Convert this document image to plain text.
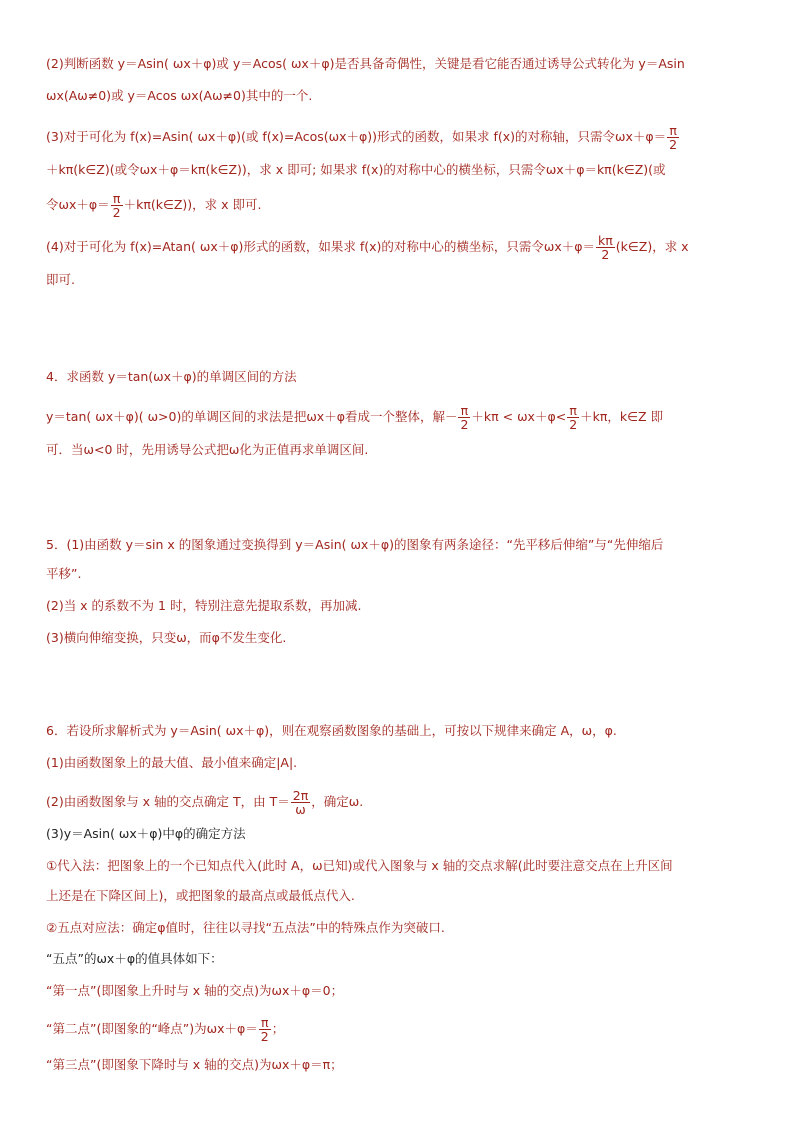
(2)判断函数 y＝Asin( ωx＋φ)或 y＝Acos( ωx＋φ)是否具备奇偶性，关键是看它能否通过诱导公式转化为 y＝Asin
ωx(Aω≠0)或 y＝Acos ωx(Aω≠0)其中的一个.
(3)对于可化为 f(x)=Asin( ωx＋φ)(或 f(x)=Acos(ωx＋φ))形式的函数，如果求 f(x)的对称轴，只需令$\omega x+\varphi= \frac{\pi}{2}$
＋kπ(k∈Z)(或令ωx＋φ＝kπ(k∈Z))，求 x 即可; 如果求 f(x)的对称中心的横坐标，只需令ωx＋φ＝kπ(k∈Z)(或
令$\omega x+\varphi= \frac{\pi}{2}$ ＋kπ(k∈Z))，求 x 即可.
(4)对于可化为 f(x)=Atan( ωx＋φ)形式的函数，如果求 f(x)的对称中心的横坐标，只需令$\omega x+\varphi= \frac{k\pi}{2}$ (k∈Z)，求 x
即可.
4．求函数 y＝tan(ωx＋φ)的单调区间的方法
y＝tan( ωx＋φ)( ω>0)的单调区间的求法是把ωx＋φ看成一个整体，解－ $\frac{\pi}{2} +k\pi < \omega x+\varphi< \frac{\pi}{2} +k\pi$，k∈Z 即
可．当ω<0 时，先用诱导公式把ω化为正值再求单调区间.
5．(1)由函数 y＝sin x 的图象通过变换得到 y＝Asin( ωx＋φ)的图象有两条途径：“先平移后伸缩”与“先伸缩后
平移”.
(2)当 x 的系数不为 1 时，特别注意先提取系数，再加减.
(3)横向伸缩变换，只变ω，而φ不发生变化.
6．若设所求解析式为 y＝Asin( ωx＋φ)，则在观察函数图象的基础上，可按以下规律来确定 A，ω，φ.
(1)由函数图象上的最大值、最小值来确定|A|.
(2)由函数图象与 x 轴的交点确定 T，由 $T= \frac{2\pi}{\omega}$ ，确定ω.
(3)y＝Asin( ωx＋φ)中φ的确定方法
①代入法：把图象上的一个已知点代入(此时 A，ω已知)或代入图象与 x 轴的交点求解(此时要注意交点在上升区间
上还是在下降区间上)，或把图象的最高点或最低点代入.
②五点对应法：确定φ值时，往往以寻找“五点法”中的特殊点作为突破口.
“五点”的ωx＋φ的值具体如下：
“第一点”(即图象上升时与 x 轴的交点)为ωx＋φ＝0；
“第二点”(即图象的“峰点”)为$\omega x+\varphi= \frac{\pi}{2}$ ；
“第三点”(即图象下降时与 x 轴的交点)为ωx＋φ＝π；
